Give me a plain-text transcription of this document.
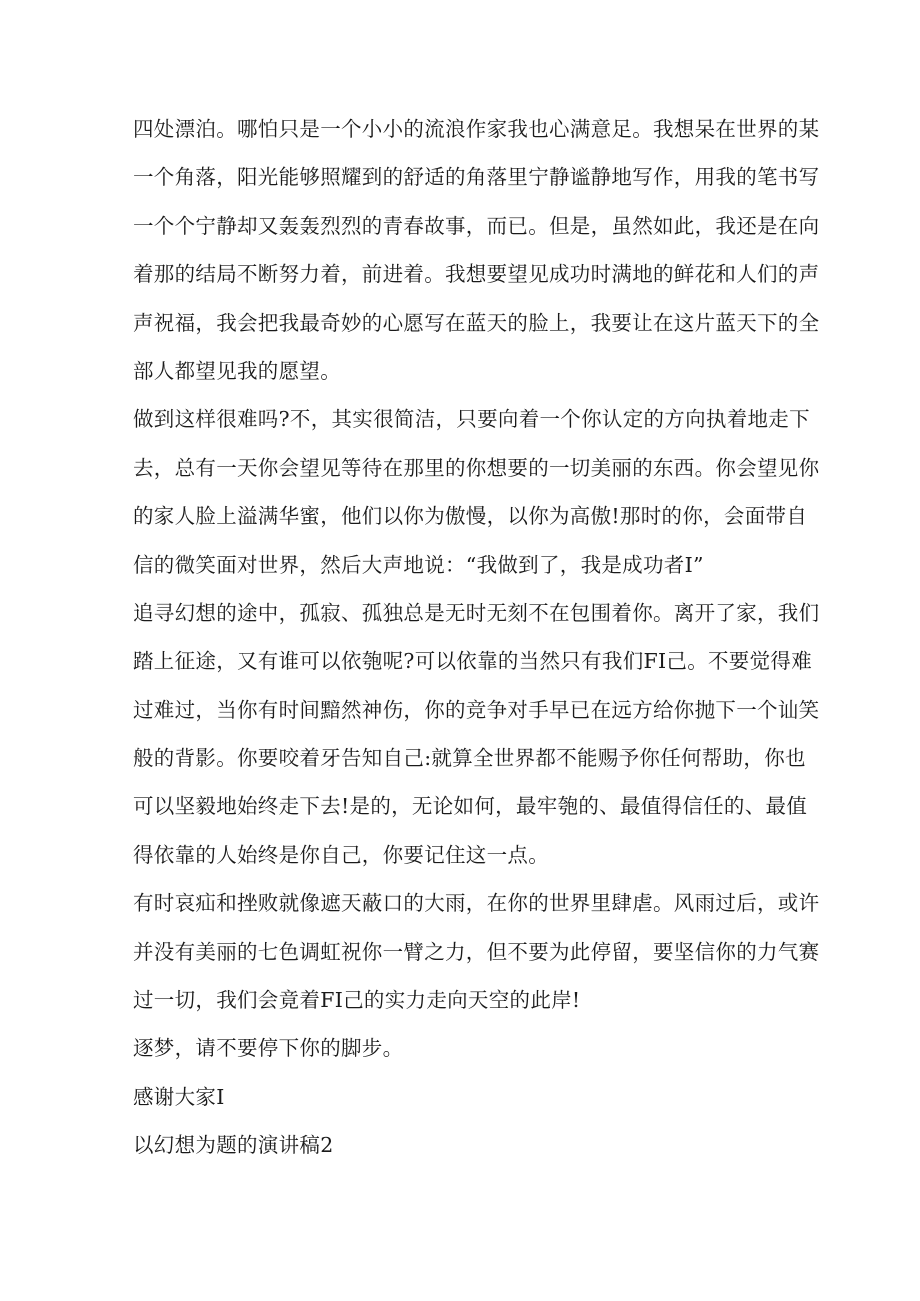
四处漂泊。哪怕只是一个小小的流浪作家我也心满意足。我想呆在世界的某
一个角落，阳光能够照耀到的舒适的角落里宁静谧静地写作，用我的笔书写
一个个宁静却又轰轰烈烈的青春故事，而已。但是，虽然如此，我还是在向
着那的结局不断努力着，前进着。我想要望见成功时满地的鲜花和人们的声
声祝福，我会把我最奇妙的心愿写在蓝天的脸上，我要让在这片蓝天下的全
部人都望见我的愿望。
做到这样很难吗?不，其实很简洁，只要向着一个你认定的方向执着地走下
去，总有一天你会望见等待在那里的你想要的一切美丽的东西。你会望见你
的家人脸上溢满华蜜，他们以你为傲慢，以你为高傲!那时的你，会面带自
信的微笑面对世界，然后大声地说：“我做到了，我是成功者I”
追寻幻想的途中，孤寂、孤独总是无时无刻不在包围着你。离开了家，我们
踏上征途，又有谁可以依匏呢?可以依靠的当然只有我们FI己。不要觉得难
过难过，当你有时间黯然神伤，你的竞争对手早已在远方给你抛下一个讪笑
般的背影。你要咬着牙告知自己:就算全世界都不能赐予你任何帮助，你也
可以坚毅地始终走下去!是的，无论如何，最牢匏的、最值得信任的、最值
得依靠的人始终是你自己，你要记住这一点。
有时哀疝和挫败就像遮天蔽口的大雨，在你的世界里肆虐。风雨过后，或许
并没有美丽的七色调虹祝你一臂之力，但不要为此停留，要坚信你的力气赛
过一切，我们会竟着FI己的实力走向天空的此岸!
逐梦，请不要停下你的脚步。
感谢大家I
以幻想为题的演讲稿2
